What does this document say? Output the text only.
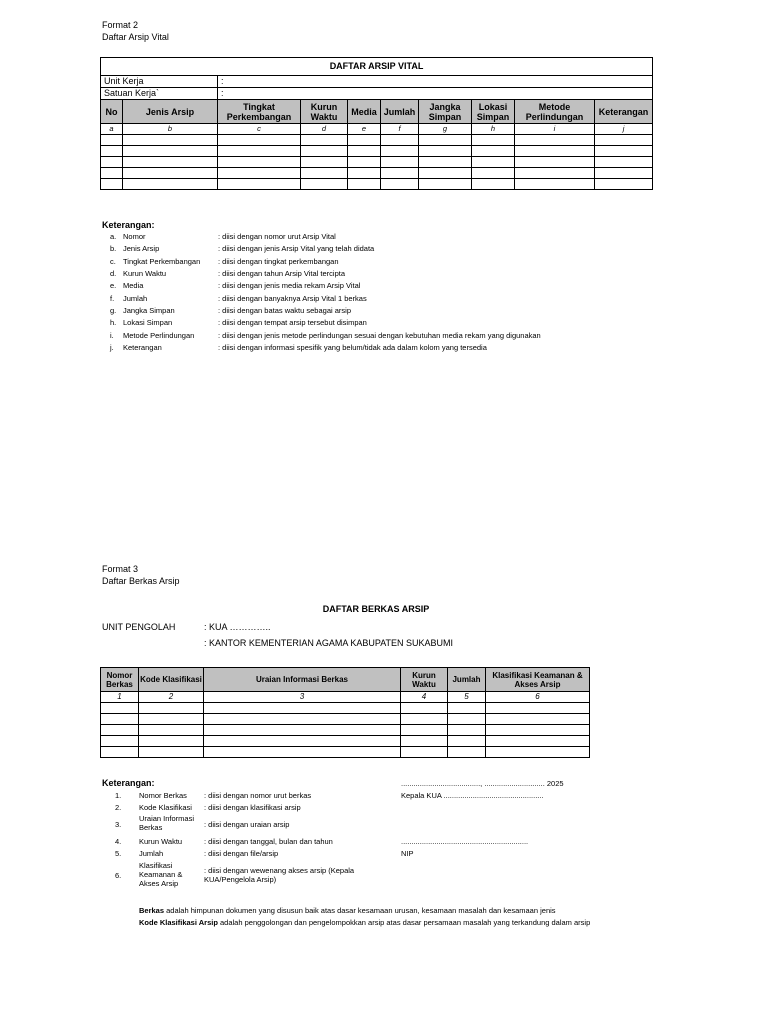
Format 2
Daftar Arsip Vital
DAFTAR ARSIP VITAL									
Unit Kerja		:							
Satuan Kerja`		:							
No	Jenis Arsip	Tingkat Perkembangan	Kurun Waktu	Media	Jumlah	Jangka Simpan	Lokasi Simpan	Metode Perlindungan	Keterangan
a	b	c	d	e	f	g	h	i	j

Keterangan:
a. Nomor	: diisi dengan nomor urut Arsip Vital
b. Jenis Arsip	: diisi dengan jenis Arsip Vital yang telah didata
c. Tingkat Perkembangan : diisi dengan tingkat perkembangan
d. Kurun Waktu	: diisi dengan tahun Arsip Vital tercipta
e. Media	: diisi dengan jenis media rekam Arsip Vital
f. Jumlah	: diisi dengan banyaknya Arsip Vital 1 berkas
g. Jangka Simpan	: diisi dengan batas waktu sebagai arsip
h. Lokasi Simpan	: diisi dengan tempat arsip tersebut disimpan
i. Metode Perlindungan	: diisi dengan jenis metode perlindungan sesuai dengan kebutuhan media rekam yang digunakan
j. Keterangan	: diisi dengan informasi spesifik yang belum/tidak ada dalam kolom yang tersedia
Format 3
Daftar Berkas Arsip
DAFTAR BERKAS ARSIP
UNIT PENGOLAH	: KUA …………..
: KANTOR KEMENTERIAN AGAMA KABUPATEN SUKABUMI
Nomor Berkas	Kode Klasifikasi	Uraian Informasi Berkas	Kurun Waktu	Jumlah	Klasifikasi Keamanan & Akses Arsip
1	2	3	4	5	6

Keterangan:
1. Nomor Berkas : diisi dengan nomor urut berkas
2. Kode Klasifikasi : diisi dengan klasifikasi arsip
3.
Uraian Informasi Berkas	: diisi dengan uraian arsip
4. Kurun Waktu	: diisi dengan tanggal, bulan dan tahun
5. Jumlah	: diisi dengan file/arsip
6.
Klasifikasi Keamanan & Akses Arsip
: diisi dengan wewenang akses arsip (Kepala KUA/Pengelola Arsip)
......................................, ............................. 2025
Kepala KUA ................................................
.............................................................
NIP
Berkas adalah himpunan dokumen yang disusun baik atas dasar kesamaan urusan, kesamaan masalah dan kesamaan jenis
Kode Klasifikasi Arsip adalah penggolongan dan pengelompokkan arsip atas dasar persamaan masalah yang terkandung dalam arsip
